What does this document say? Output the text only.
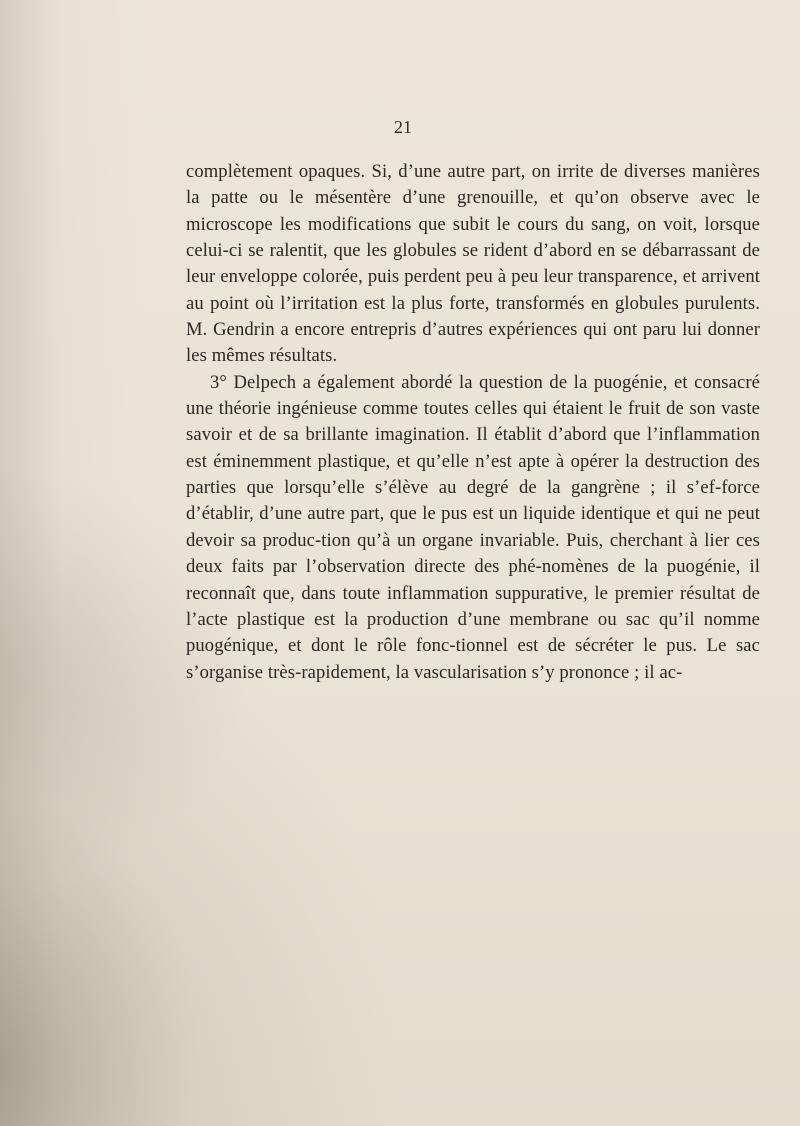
21

complètement opaques. Si, d’une autre part, on irrite de diverses manières la patte ou le mésentère d’une grenouille, et qu’on observe avec le microscope les modifications que subit le cours du sang, on voit, lorsque celui-ci se ralentit, que les globules se rident d’abord en se débarrassant de leur enveloppe colorée, puis perdent peu à peu leur transparence, et arrivent au point où l’irritation est la plus forte, transformés en globules purulents. M. Gendrin a encore entrepris d’autres expériences qui ont paru lui donner les mêmes résultats.

3° Delpech a également abordé la question de la puogénie, et consacré une théorie ingénieuse comme toutes celles qui étaient le fruit de son vaste savoir et de sa brillante imagination. Il établit d’abord que l’inflammation est éminemment plastique, et qu’elle n’est apte à opérer la destruction des parties que lorsqu’elle s’élève au degré de la gangrène ; il s’ef-force d’établir, d’une autre part, que le pus est un liquide identique et qui ne peut devoir sa produc-tion qu’à un organe invariable. Puis, cherchant à lier ces deux faits par l’observation directe des phé-nomènes de la puogénie, il reconnaît que, dans toute inflammation suppurative, le premier résultat de l’acte plastique est la production d’une membrane ou sac qu’il nomme puogénique, et dont le rôle fonc-tionnel est de sécréter le pus. Le sac s’organise très-rapidement, la vascularisation s’y prononce ; il ac-
